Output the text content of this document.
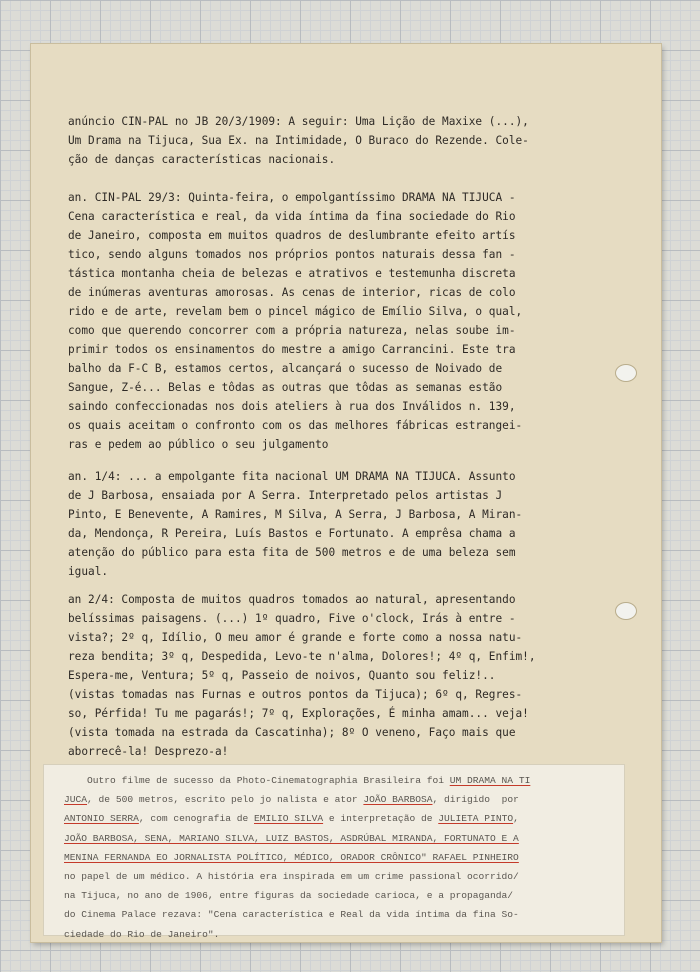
anúncio CIN-PAL no JB 20/3/1909: A seguir: Uma Lição de Maxixe (...),
Um Drama na Tijuca, Sua Ex. na Intimidade, O Buraco do Rezende. Cole-
ção de danças características nacionais.
an. CIN-PAL 29/3: Quinta-feira, o empolgantíssimo DRAMA NA TIJUCA -
Cena característica e real, da vida íntima da fina sociedade do Rio
de Janeiro, composta em muitos quadros de deslumbrante efeito artís
tico, sendo alguns tomados nos próprios pontos naturais dessa fan -
tástica montanha cheia de belezas e atrativos e testemunha discreta
de inúmeras aventuras amorosas. As cenas de interior, ricas de colo
rido e de arte, revelam bem o pincel mágico de Emílio Silva, o qual,
como que querendo concorrer com a própria natureza, nelas soube im-
primir todos os ensinamentos do mestre a amigo Carrancini. Este tra
balho da F-C B, estamos certos, alcançará o sucesso de Noivado de
Sangue, Z-é... Belas e tôdas as outras que tôdas as semanas estão
saindo confeccionadas nos dois ateliers à rua dos Inválidos n. 139,
os quais aceitam o confronto com os das melhores fábricas estrangei-
ras e pedem ao público o seu julgamento
an. 1/4: ... a empolgante fita nacional UM DRAMA NA TIJUCA. Assunto
de J Barbosa, ensaiada por A Serra. Interpretado pelos artistas J
Pinto, E Benevente, A Ramires, M Silva, A Serra, J Barbosa, A Miran-
da, Mendonça, R Pereira, Luís Bastos e Fortunato. A emprêsa chama a
atenção do público para esta fita de 500 metros e de uma beleza sem
igual.
an 2/4: Composta de muitos quadros tomados ao natural, apresentando
belíssimas paisagens. (...) 1º quadro, Five o'clock, Irás à entre -
vista?; 2º q, Idílio, O meu amor é grande e forte como a nossa natu-
reza bendita; 3º q, Despedida, Levo-te n'alma, Dolores!; 4º q, Enfim!,
Espera-me, Ventura; 5º q, Passeio de noivos, Quanto sou feliz!..
(vistas tomadas nas Furnas e outros pontos da Tijuca); 6º q, Regres-
so, Pérfida! Tu me pagarás!; 7º q, Explorações, É minha amam... veja!
(vista tomada na estrada da Cascatinha); 8º O veneno, Faço mais que
aborrecê-la! Desprezo-a!
Outro filme de sucesso da Photo-Cinematographia Brasileira foi UM DRAMA NA TI
JUCA, de 500 metros, escrito pelo jo nalista e ator JOÃO BARBOSA, dirigido  por
ANTONIO SERRA, com cenografia de EMILIO SILVA e interpretação de JULIETA PINTO,
JOÃO BARBOSA, SENA, MARIANO SILVA, LUIZ BASTOS, ASDRÚBAL MIRANDA, FORTUNATO E A
MENINA FERNANDA EO JORNALISTA POLÍTICO, MÉDICO, ORADOR CRÔNICO" RAFAEL PINHEIRO
no papel de um médico. A história era inspirada em um crime passional ocorrido/
na Tijuca, no ano de 1906, entre figuras da sociedade carioca, e a propaganda/
do Cinema Palace rezava: "Cena característica e Real da vida íntima da fina So-
ciedade do Rio de Janeiro".
